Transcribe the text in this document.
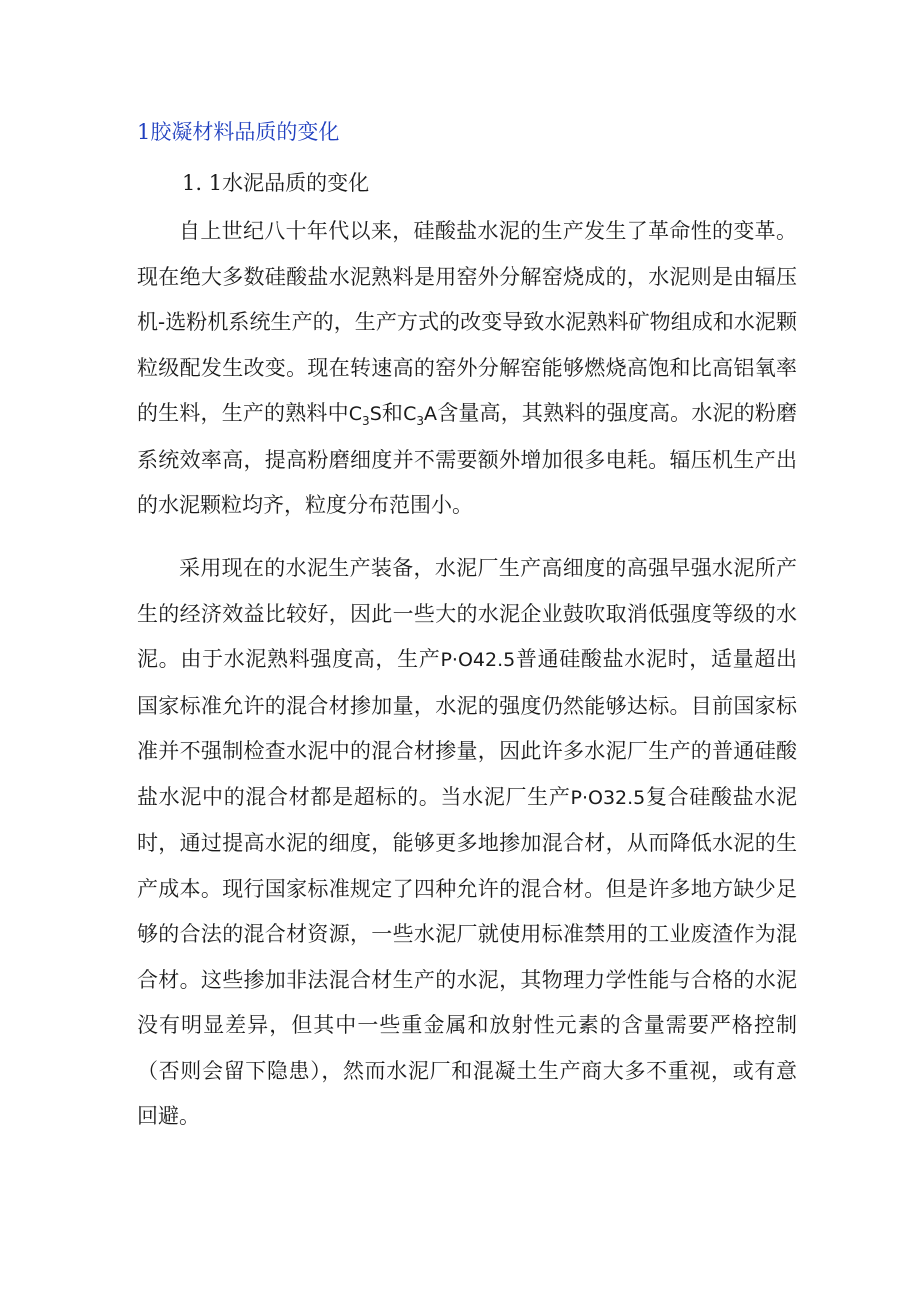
1胶凝材料品质的变化
1. 1水泥品质的变化

自上世纪八十年代以来，硅酸盐水泥的生产发生了革命性的变革。现在绝大多数硅酸盐水泥熟料是用窑外分解窑烧成的，水泥则是由辐压机-选粉机系统生产的，生产方式的改变导致水泥熟料矿物组成和水泥颗粒级配发生改变。现在转速高的窑外分解窑能够燃烧高饱和比高铝氧率的生料，生产的熟料中$C_3S$和$C_3A$含量高，其熟料的强度高。水泥的粉磨系统效率高，提高粉磨细度并不需要额外增加很多电耗。辐压机生产出的水泥颗粒均齐，粒度分布范围小。

采用现在的水泥生产装备，水泥厂生产高细度的高强早强水泥所产生的经济效益比较好，因此一些大的水泥企业鼓吹取消低强度等级的水泥。由于水泥熟料强度高，生产P·O42.5普通硅酸盐水泥时，适量超出国家标准允许的混合材掺加量，水泥的强度仍然能够达标。目前国家标准并不强制检查水泥中的混合材掺量，因此许多水泥厂生产的普通硅酸盐水泥中的混合材都是超标的。当水泥厂生产P·O32.5复合硅酸盐水泥时，通过提高水泥的细度，能够更多地掺加混合材，从而降低水泥的生产成本。现行国家标准规定了四种允许的混合材。但是许多地方缺少足够的合法的混合材资源，一些水泥厂就使用标准禁用的工业废渣作为混合材。这些掺加非法混合材生产的水泥，其物理力学性能与合格的水泥没有明显差异，但其中一些重金属和放射性元素的含量需要严格控制（否则会留下隐患），然而水泥厂和混凝土生产商大多不重视，或有意回避。
